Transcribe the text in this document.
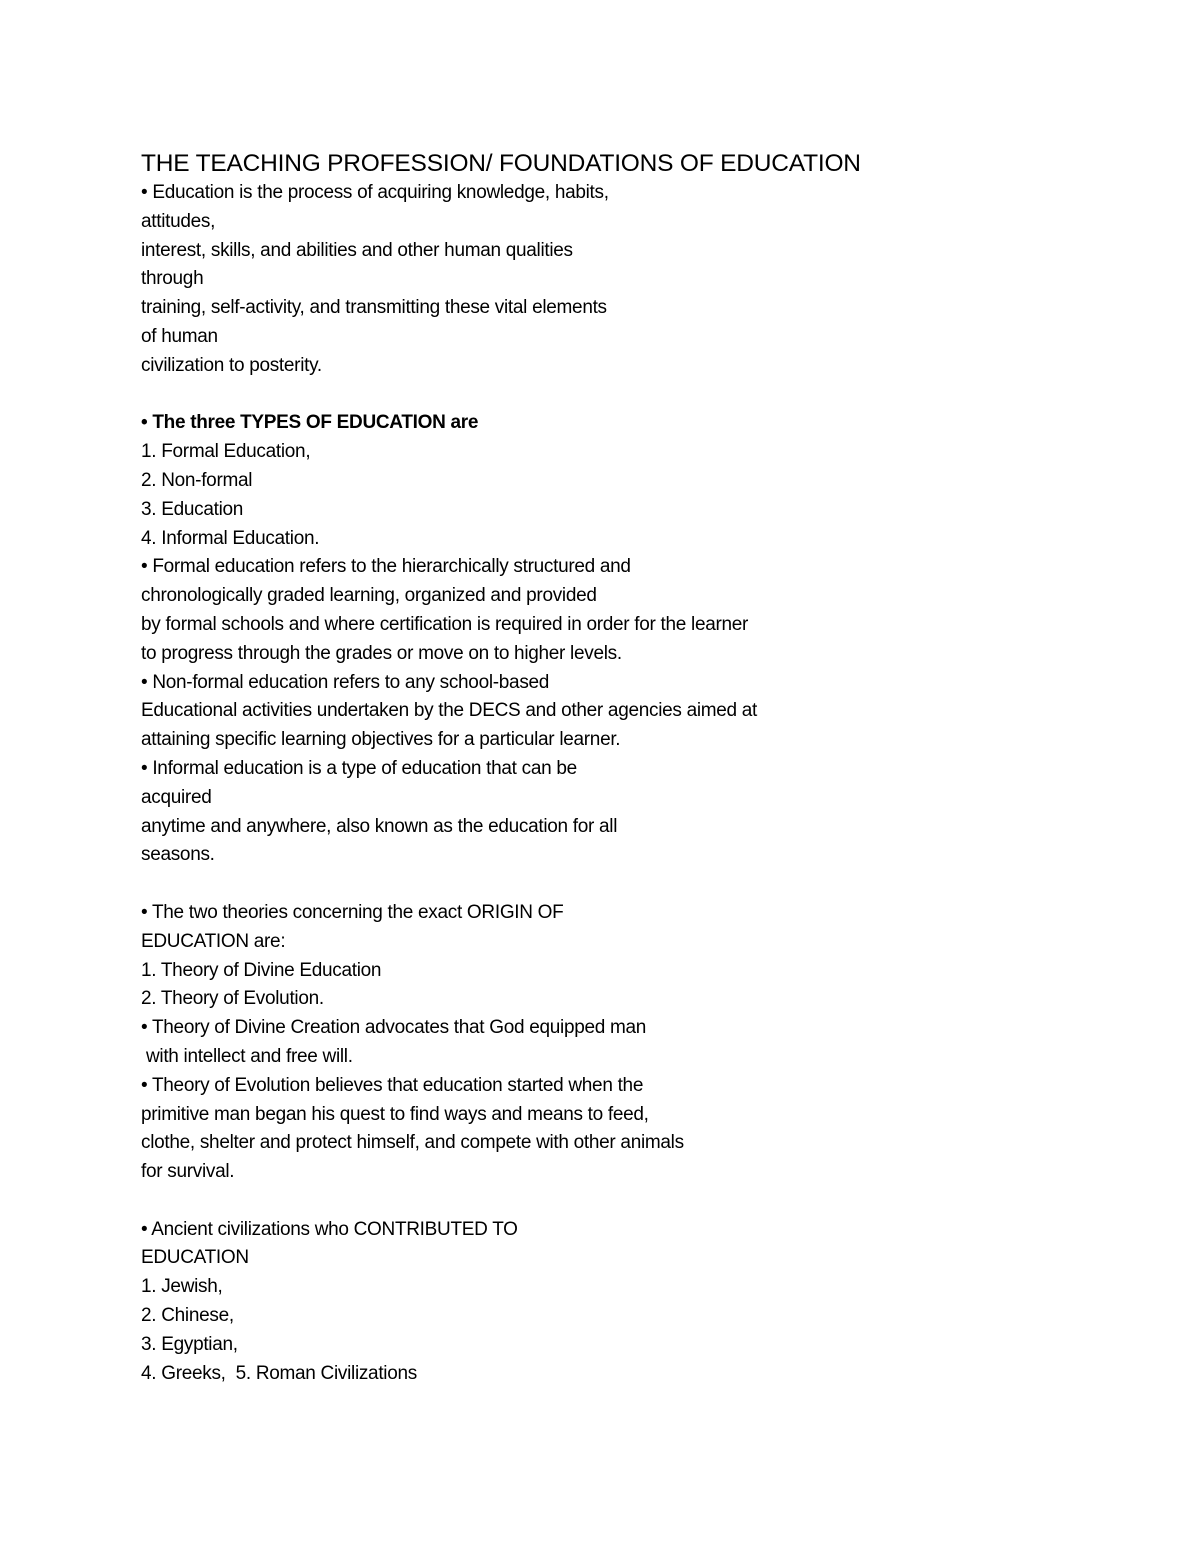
THE TEACHING PROFESSION/ FOUNDATIONS OF EDUCATION
• Education is the process of acquiring knowledge, habits,
attitudes,
interest, skills, and abilities and other human qualities
through
training, self-activity, and transmitting these vital elements
of human
civilization to posterity.
• The three TYPES OF EDUCATION are
1. Formal Education,
2. Non-formal
3. Education
4. Informal Education.
• Formal education refers to the hierarchically structured and
chronologically graded learning, organized and provided
by formal schools and where certification is required in order for the learner
to progress through the grades or move on to higher levels.
• Non-formal education refers to any school-based
Educational activities undertaken by the DECS and other agencies aimed at
attaining specific learning objectives for a particular learner.
• Informal education is a type of education that can be
acquired
anytime and anywhere, also known as the education for all
seasons.
• The two theories concerning the exact ORIGIN OF
EDUCATION are:
1. Theory of Divine Education
2. Theory of Evolution.
• Theory of Divine Creation advocates that God equipped man
with intellect and free will.
• Theory of Evolution believes that education started when the
primitive man began his quest to find ways and means to feed,
clothe, shelter and protect himself, and compete with other animals
for survival.
• Ancient civilizations who CONTRIBUTED TO
EDUCATION
1. Jewish,
2. Chinese,
3. Egyptian,
4. Greeks,  5. Roman Civilizations
